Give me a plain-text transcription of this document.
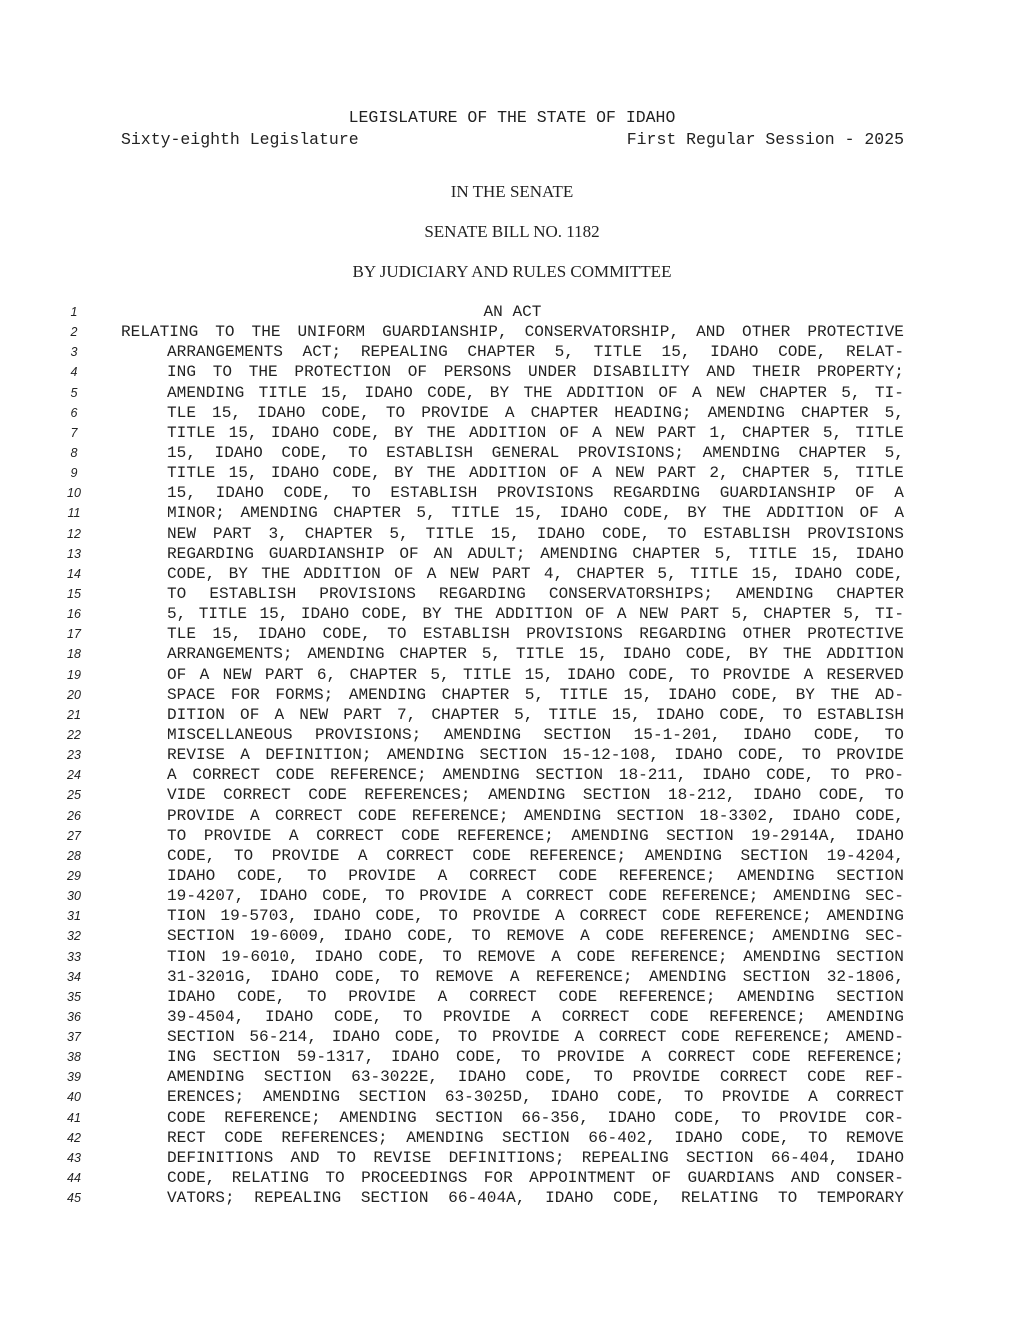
LEGISLATURE OF THE STATE OF IDAHO
Sixty-eighth Legislature	First Regular Session - 2025
IN THE SENATE
SENATE BILL NO. 1182
BY JUDICIARY AND RULES COMMITTEE
1	AN ACT
2	RELATING TO THE UNIFORM GUARDIANSHIP, CONSERVATORSHIP, AND OTHER PROTECTIVE
3	ARRANGEMENTS ACT; REPEALING CHAPTER 5, TITLE 15, IDAHO CODE, RELAT-
4	ING TO THE PROTECTION OF PERSONS UNDER DISABILITY AND THEIR PROPERTY;
5	AMENDING TITLE 15, IDAHO CODE, BY THE ADDITION OF A NEW CHAPTER 5, TI-
6	TLE 15, IDAHO CODE, TO PROVIDE A CHAPTER HEADING; AMENDING CHAPTER 5,
7	TITLE 15, IDAHO CODE, BY THE ADDITION OF A NEW PART 1, CHAPTER 5, TITLE
8	15, IDAHO CODE, TO ESTABLISH GENERAL PROVISIONS; AMENDING CHAPTER 5,
9	TITLE 15, IDAHO CODE, BY THE ADDITION OF A NEW PART 2, CHAPTER 5, TITLE
10	15, IDAHO CODE, TO ESTABLISH PROVISIONS REGARDING GUARDIANSHIP OF A
11	MINOR; AMENDING CHAPTER 5, TITLE 15, IDAHO CODE, BY THE ADDITION OF A
12	NEW PART 3, CHAPTER 5, TITLE 15, IDAHO CODE, TO ESTABLISH PROVISIONS
13	REGARDING GUARDIANSHIP OF AN ADULT; AMENDING CHAPTER 5, TITLE 15, IDAHO
14	CODE, BY THE ADDITION OF A NEW PART 4, CHAPTER 5, TITLE 15, IDAHO CODE,
15	TO ESTABLISH PROVISIONS REGARDING CONSERVATORSHIPS; AMENDING CHAPTER
16	5, TITLE 15, IDAHO CODE, BY THE ADDITION OF A NEW PART 5, CHAPTER 5, TI-
17	TLE 15, IDAHO CODE, TO ESTABLISH PROVISIONS REGARDING OTHER PROTECTIVE
18	ARRANGEMENTS; AMENDING CHAPTER 5, TITLE 15, IDAHO CODE, BY THE ADDITION
19	OF A NEW PART 6, CHAPTER 5, TITLE 15, IDAHO CODE, TO PROVIDE A RESERVED
20	SPACE FOR FORMS; AMENDING CHAPTER 5, TITLE 15, IDAHO CODE, BY THE AD-
21	DITION OF A NEW PART 7, CHAPTER 5, TITLE 15, IDAHO CODE, TO ESTABLISH
22	MISCELLANEOUS PROVISIONS; AMENDING SECTION 15-1-201, IDAHO CODE, TO
23	REVISE A DEFINITION; AMENDING SECTION 15-12-108, IDAHO CODE, TO PROVIDE
24	A CORRECT CODE REFERENCE; AMENDING SECTION 18-211, IDAHO CODE, TO PRO-
25	VIDE CORRECT CODE REFERENCES; AMENDING SECTION 18-212, IDAHO CODE, TO
26	PROVIDE A CORRECT CODE REFERENCE; AMENDING SECTION 18-3302, IDAHO CODE,
27	TO PROVIDE A CORRECT CODE REFERENCE; AMENDING SECTION 19-2914A, IDAHO
28	CODE, TO PROVIDE A CORRECT CODE REFERENCE; AMENDING SECTION 19-4204,
29	IDAHO CODE, TO PROVIDE A CORRECT CODE REFERENCE; AMENDING SECTION
30	19-4207, IDAHO CODE, TO PROVIDE A CORRECT CODE REFERENCE; AMENDING SEC-
31	TION 19-5703, IDAHO CODE, TO PROVIDE A CORRECT CODE REFERENCE; AMENDING
32	SECTION 19-6009, IDAHO CODE, TO REMOVE A CODE REFERENCE; AMENDING SEC-
33	TION 19-6010, IDAHO CODE, TO REMOVE A CODE REFERENCE; AMENDING SECTION
34	31-3201G, IDAHO CODE, TO REMOVE A REFERENCE; AMENDING SECTION 32-1806,
35	IDAHO CODE, TO PROVIDE A CORRECT CODE REFERENCE; AMENDING SECTION
36	39-4504, IDAHO CODE, TO PROVIDE A CORRECT CODE REFERENCE; AMENDING
37	SECTION 56-214, IDAHO CODE, TO PROVIDE A CORRECT CODE REFERENCE; AMEND-
38	ING SECTION 59-1317, IDAHO CODE, TO PROVIDE A CORRECT CODE REFERENCE;
39	AMENDING SECTION 63-3022E, IDAHO CODE, TO PROVIDE CORRECT CODE REF-
40	ERENCES; AMENDING SECTION 63-3025D, IDAHO CODE, TO PROVIDE A CORRECT
41	CODE REFERENCE; AMENDING SECTION 66-356, IDAHO CODE, TO PROVIDE COR-
42	RECT CODE REFERENCES; AMENDING SECTION 66-402, IDAHO CODE, TO REMOVE
43	DEFINITIONS AND TO REVISE DEFINITIONS; REPEALING SECTION 66-404, IDAHO
44	CODE, RELATING TO PROCEEDINGS FOR APPOINTMENT OF GUARDIANS AND CONSER-
45	VATORS; REPEALING SECTION 66-404A, IDAHO CODE, RELATING TO TEMPORARY
